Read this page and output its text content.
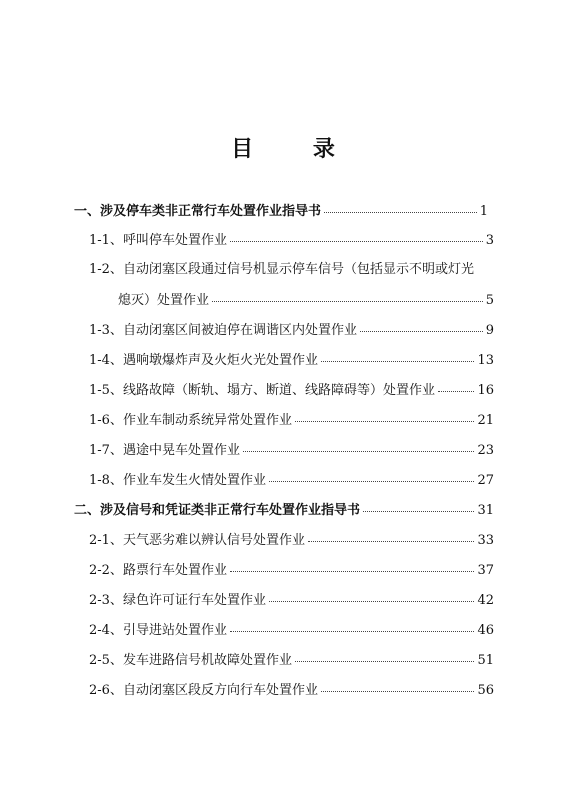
目 录
一、涉及停车类非正常行车处置作业指导书	1
1-1、 呼叫停车处置作业	3
1-2、 自动闭塞区段通过信号机显示停车信号（包括显示不明或灯光
熄灭）处置作业	5
1-3、 自动闭塞区间被迫停在调谐区内处置作业	9
1-4、 遇响墩爆炸声及火炬火光处置作业	13
1-5、 线路故障（断轨、塌方、断道、线路障碍等）处置作业	16
1-6、 作业车制动系统异常处置作业	21
1-7、 遇途中晃车处置作业	23
1-8、 作业车发生火情处置作业	27
二、涉及信号和凭证类非正常行车处置作业指导书	31
2-1、 天气恶劣难以辨认信号处置作业	33
2-2、 路票行车处置作业	37
2-3、 绿色许可证行车处置作业	42
2-4、 引导进站处置作业	46
2-5、 发车进路信号机故障处置作业	51
2-6、 自动闭塞区段反方向行车处置作业	56
